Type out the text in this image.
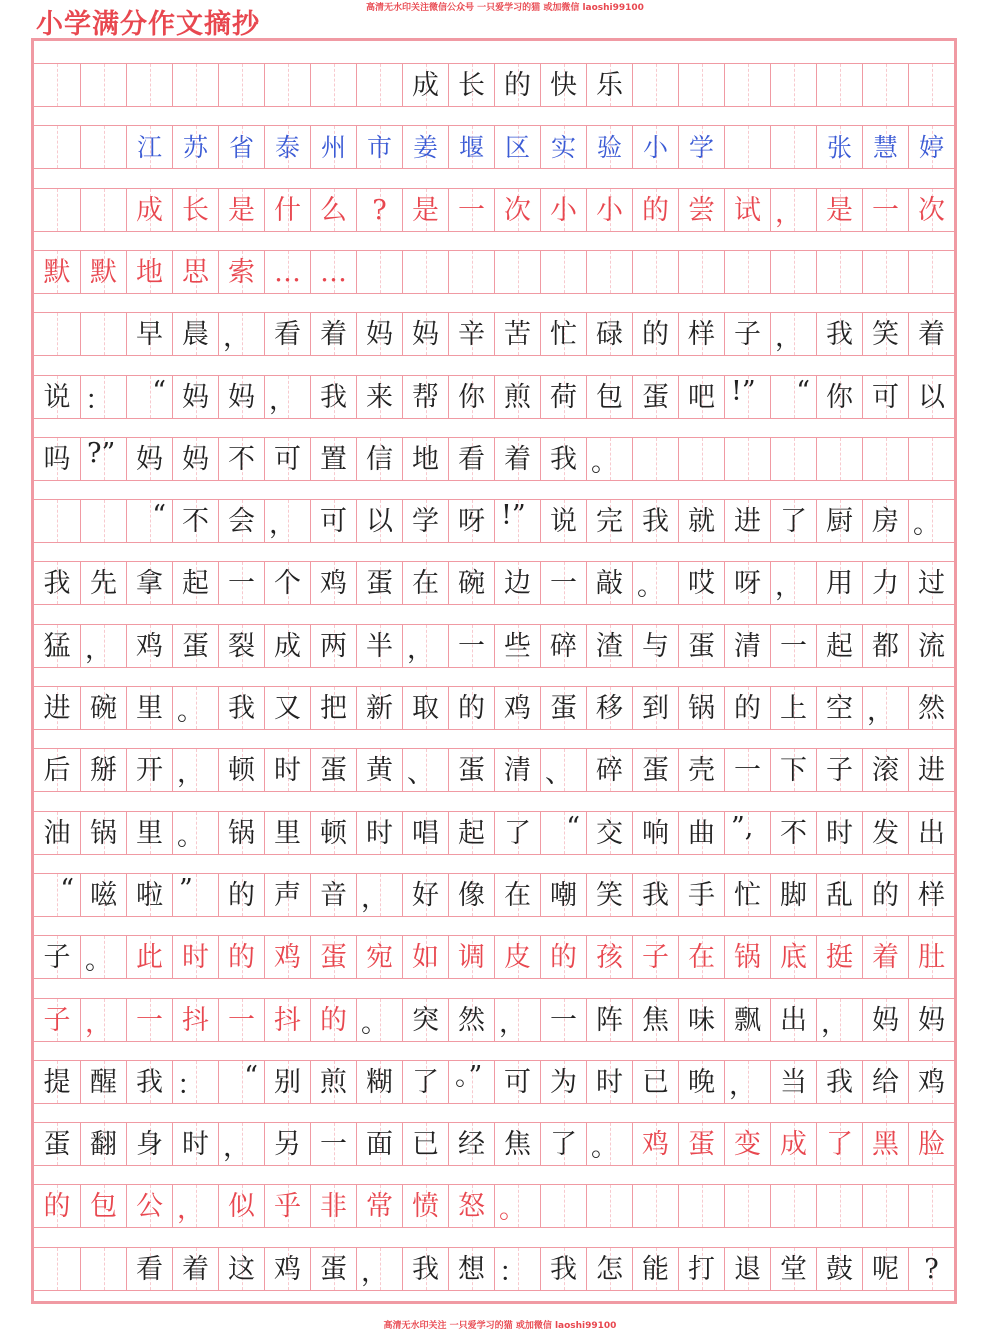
小学满分作文摘抄
高清无水印关注微信公众号 一只爱学习的猫 或加微信 laoshi99100
成 长 的 快 乐
江 苏 省 泰 州 市 姜 堰 区 实 验 小 学	张 慧 婷
成 长 是 什 么 ? 是 一 次 小 小 的 尝 试 ， 是 一 次
默 默 地 思 索 … …
早 晨 ， 看 着 妈 妈 辛 苦 忙 碌 的 样 子 ， 我 笑 着
说 ： “ 妈 妈 ， 我 来 帮 你 煎 荷 包 蛋 吧 !” “ 你 可 以
吗 ?” 妈 妈 不 可 置 信 地 看 着 我 。
“ 不 会 ， 可 以 学 呀 !” 说 完 我 就 进 了 厨 房 。
我 先 拿 起 一 个 鸡 蛋 在 碗 边 一 敲 。 哎 呀 ， 用 力 过
猛 ， 鸡 蛋 裂 成 两 半 ， 一 些 碎 渣 与 蛋 清 一 起 都 流
进 碗 里 。 我 又 把 新 取 的 鸡 蛋 移 到 锅 的 上 空 ， 然
后 掰 开 ， 顿 时 蛋 黄 、 蛋 清 、 碎 蛋 壳 一 下 子 滚 进
油 锅 里 。 锅 里 顿 时 唱 起 了 “ 交 响 曲 ”, 不 时 发 出
“ 嗞 啦 ” 的 声 音 ， 好 像 在 嘲 笑 我 手 忙 脚 乱 的 样
子 。 此 时 的 鸡 蛋 宛 如 调 皮 的 孩 子 在 锅 底 挺 着 肚
子 ， 一 抖 一 抖 的 。 突 然 ， 一 阵 焦 味 飘 出 ， 妈 妈
提 醒 我 ： “ 别 煎 糊 了 。” 可 为 时 已 晚 ， 当 我 给 鸡
蛋 翻 身 时 ， 另 一 面 已 经 焦 了 。 鸡 蛋 变 成 了 黑 脸
的 包 公 ， 似 乎 非 常 愤 怒 。
看 着 这 鸡 蛋 ， 我 想 ： 我 怎 能 打 退 堂 鼓 呢 ?
高清无水印关注 一只爱学习的猫 或加微信 laoshi99100
